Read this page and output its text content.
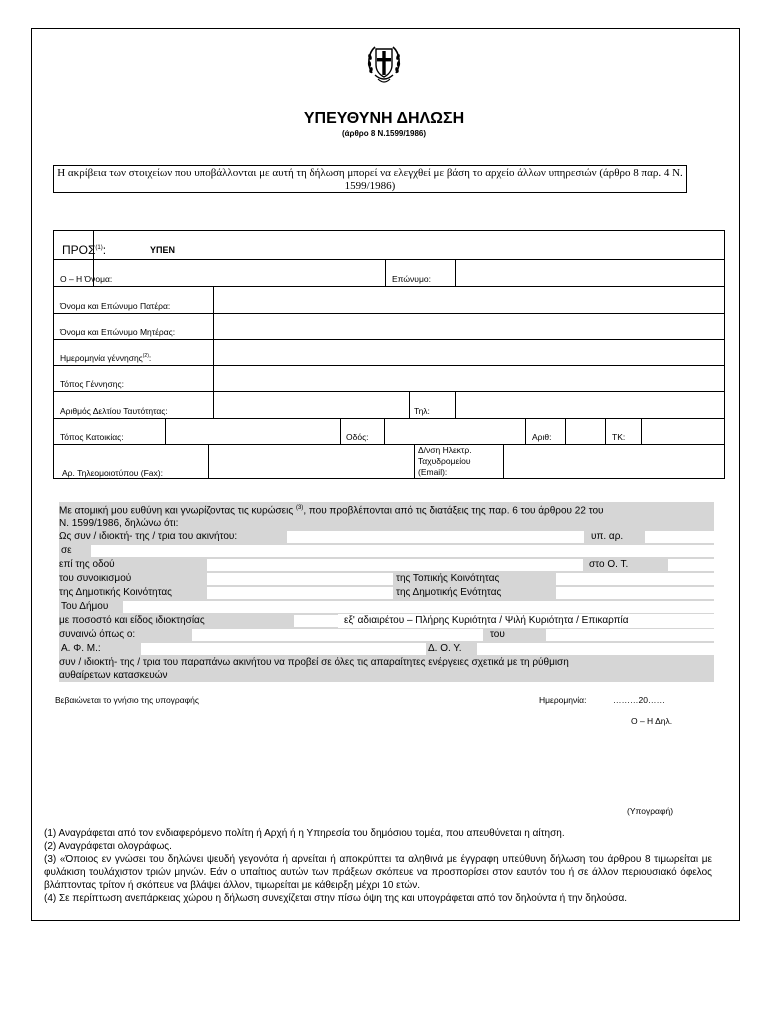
ΥΠΕΥΘΥΝΗ ΔΗΛΩΣΗ
(άρθρο 8 Ν.1599/1986)
Η ακρίβεια των στοιχείων που υποβάλλονται με αυτή τη δήλωση μπορεί να ελεγχθεί με βάση το αρχείο άλλων υπηρεσιών (άρθρο 8 παρ. 4 Ν. 1599/1986)
ΠΡΟΣ$^{(1)}$:	ΥΠΕΝ
Ο – Η Όνομα:	Επώνυμο:
Όνομα και Επώνυμο Πατέρα:
Όνομα και Επώνυμο Μητέρας:
Ημερομηνία γέννησης$^{(2)}$:
Τόπος Γέννησης:
Αριθμός Δελτίου Ταυτότητας:	Τηλ:
Τόπος Κατοικίας:	Οδός:	Αριθ:	ΤΚ:
Αρ. Τηλεομοιοτύπου (Fax):
Δ/νση Ηλεκτρ.
Ταχυδρομείου
(Email):
Με ατομική μου ευθύνη και γνωρίζοντας τις κυρώσεις $^{(3)}$, που προβλέπονται από τις διατάξεις της παρ. 6 του άρθρου 22 του
Ν. 1599/1986, δηλώνω ότι:
Ως συν / ιδιοκτή- της / τρια του ακινήτου:	υπ. αρ.
σε
επί της οδού	στο Ο. Τ.
του συνοικισμού	της Τοπικής Κοινότητας
της Δημοτικής Κοινότητας	της Δημοτικής Ενότητας
Του Δήμου
με ποσοστό και είδος ιδιοκτησίας	εξ' αδιαιρέτου – Πλήρης Κυριότητα / Ψιλή Κυριότητα / Επικαρπία
συναινώ όπως ο:	του
Α. Φ. Μ.:	Δ. Ο. Υ.
συν / ιδιοκτή- της / τρια του παραπάνω ακινήτου να προβεί σε όλες τις απαραίτητες ενέργειες σχετικά με τη ρύθμιση
αυθαίρετων κατασκευών
Βεβαιώνεται το γνήσιο της υπογραφής	Ημερομηνία:	………20……
Ο – Η Δηλ.
(Υπογραφή)

(1) Αναγράφεται από τον ενδιαφερόμενο πολίτη ή Αρχή ή η Υπηρεσία του δημόσιου τομέα, που απευθύνεται η αίτηση.

(2) Αναγράφεται ολογράφως.

(3) «Όποιος εν γνώσει του δηλώνει ψευδή γεγονότα ή αρνείται ή αποκρύπτει τα αληθινά με έγγραφη υπεύθυνη δήλωση του άρθρου 8 τιμωρείται με φυλάκιση τουλάχιστον τριών μηνών. Εάν ο υπαίτιος αυτών των πράξεων σκόπευε να προσπορίσει στον εαυτόν του ή σε άλλον περιουσιακό όφελος βλάπτοντας τρίτον ή σκόπευε να βλάψει άλλον, τιμωρείται με κάθειρξη μέχρι 10 ετών.

(4) Σε περίπτωση ανεπάρκειας χώρου η δήλωση συνεχίζεται στην πίσω όψη της και υπογράφεται από τον δηλούντα ή την δηλούσα.
